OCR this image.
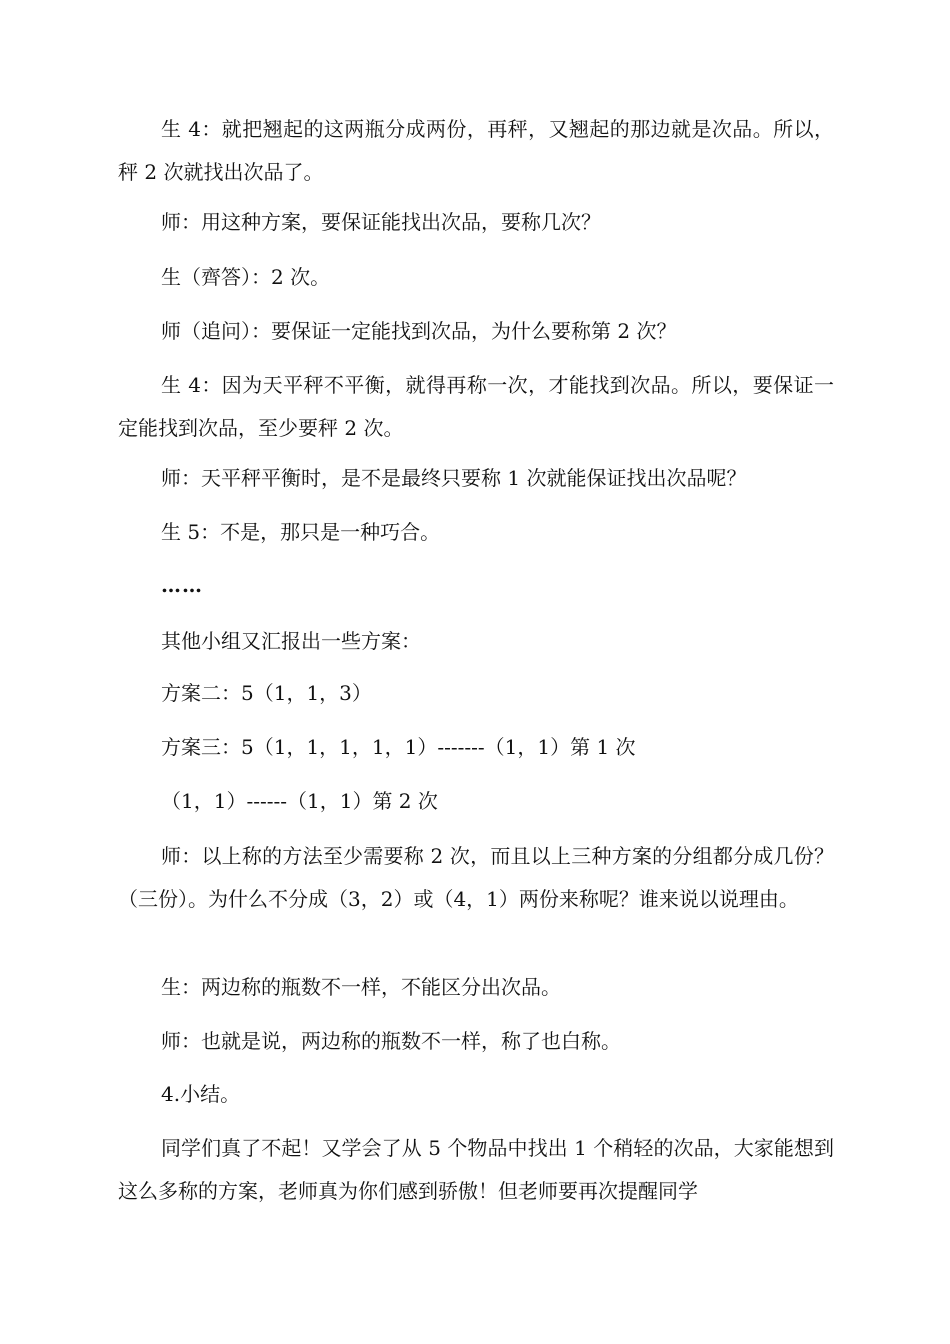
生 4：就把翘起的这两瓶分成两份，再秤，又翘起的那边就是次品。所以，秤 2 次就找出次品了。
师：用这种方案，要保证能找出次品，要称几次？
生（齊答）：2 次。
师（追问）：要保证一定能找到次品，为什么要称第 2 次？
生 4：因为天平秤不平衡，就得再称一次，才能找到次品。所以，要保证一定能找到次品，至少要秤 2 次。
师：天平秤平衡时，是不是最终只要称 1 次就能保证找出次品呢？
生 5：不是，那只是一种巧合。
……
其他小组又汇报出一些方案：
方案二：5（1，1，3）
方案三：5（1，1，1，1，1）-------（1，1）第 1 次
（1，1）------（1，1）第 2 次
师：以上称的方法至少需要称 2 次，而且以上三种方案的分组都分成几份？（三份）。为什么不分成（3，2）或（4，1）两份来称呢？谁来说以说理由。
生：两边称的瓶数不一样，不能区分出次品。
师：也就是说，两边称的瓶数不一样，称了也白称。
4.小结。
同学们真了不起！又学会了从 5 个物品中找出 1 个稍轻的次品，大家能想到这么多称的方案，老师真为你们感到骄傲！但老师要再次提醒同学
